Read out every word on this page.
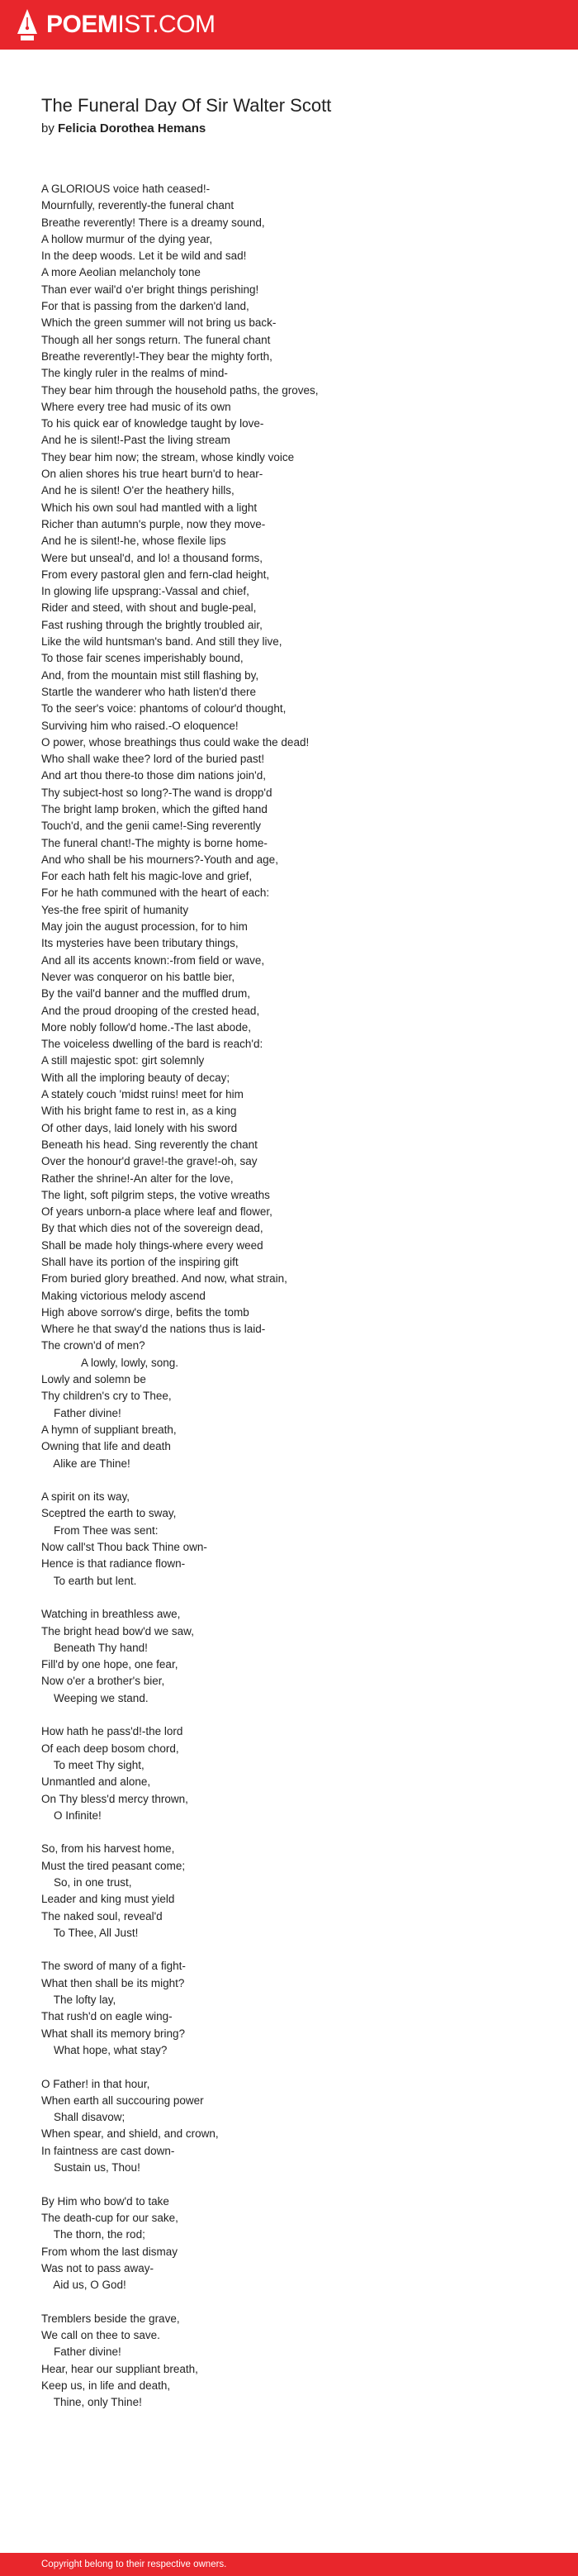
POEMIST.COM
The Funeral Day Of Sir Walter Scott

by Felicia Dorothea Hemans

A GLORIOUS voice hath ceased!-
Mournfully, reverently-the funeral chant
Breathe reverently! There is a dreamy sound,
A hollow murmur of the dying year,
In the deep woods. Let it be wild and sad!
A more Aeolian melancholy tone
Than ever wail'd o'er bright things perishing!
For that is passing from the darken'd land,
Which the green summer will not bring us back-
Though all her songs return. The funeral chant
Breathe reverently!-They bear the mighty forth,
The kingly ruler in the realms of mind-
They bear him through the household paths, the groves,
Where every tree had music of its own
To his quick ear of knowledge taught by love-
And he is silent!-Past the living stream
They bear him now; the stream, whose kindly voice
On alien shores his true heart burn'd to hear-
And he is silent! O'er the heathery hills,
Which his own soul had mantled with a light
Richer than autumn's purple, now they move-
And he is silent!-he, whose flexile lips
Were but unseal'd, and lo! a thousand forms,
From every pastoral glen and fern-clad height,
In glowing life upsprang:-Vassal and chief,
Rider and steed, with shout and bugle-peal,
Fast rushing through the brightly troubled air,
Like the wild huntsman's band. And still they live,
To those fair scenes imperishably bound,
And, from the mountain mist still flashing by,
Startle the wanderer who hath listen'd there
To the seer's voice: phantoms of colour'd thought,
Surviving him who raised.-O eloquence!
O power, whose breathings thus could wake the dead!
Who shall wake thee? lord of the buried past!
And art thou there-to those dim nations join'd,
Thy subject-host so long?-The wand is dropp'd
The bright lamp broken, which the gifted hand
Touch'd, and the genii came!-Sing reverently
The funeral chant!-The mighty is borne home-
And who shall be his mourners?-Youth and age,
For each hath felt his magic-love and grief,
For he hath communed with the heart of each:
Yes-the free spirit of humanity
May join the august procession, for to him
Its mysteries have been tributary things,
And all its accents known:-from field or wave,
Never was conqueror on his battle bier,
By the vail'd banner and the muffled drum,
And the proud drooping of the crested head,
More nobly follow'd home.-The last abode,
The voiceless dwelling of the bard is reach'd:
A still majestic spot: girt solemnly
With all the imploring beauty of decay;
A stately couch 'midst ruins! meet for him
With his bright fame to rest in, as a king
Of other days, laid lonely with his sword
Beneath his head. Sing reverently the chant
Over the honour'd grave!-the grave!-oh, say
Rather the shrine!-An alter for the love,
The light, soft pilgrim steps, the votive wreaths
Of years unborn-a place where leaf and flower,
By that which dies not of the sovereign dead,
Shall be made holy things-where every weed
Shall have its portion of the inspiring gift
From buried glory breathed. And now, what strain,
Making victorious melody ascend
High above sorrow's dirge, befits the tomb
Where he that sway'd the nations thus is laid-
The crown'd of men?
A lowly, lowly, song.
Lowly and solemn be
Thy children's cry to Thee,
Father divine!
A hymn of suppliant breath,
Owning that life and death
Alike are Thine!
A spirit on its way,
Sceptred the earth to sway,
From Thee was sent:
Now call'st Thou back Thine own-
Hence is that radiance flown-
To earth but lent.
Watching in breathless awe,
The bright head bow'd we saw,
Beneath Thy hand!
Fill'd by one hope, one fear,
Now o'er a brother's bier,
Weeping we stand.
How hath he pass'd!-the lord
Of each deep bosom chord,
To meet Thy sight,
Unmantled and alone,
On Thy bless'd mercy thrown,
O Infinite!
So, from his harvest home,
Must the tired peasant come;
So, in one trust,
Leader and king must yield
The naked soul, reveal'd
To Thee, All Just!
The sword of many of a fight-
What then shall be its might?
The lofty lay,
That rush'd on eagle wing-
What shall its memory bring?
What hope, what stay?
O Father! in that hour,
When earth all succouring power
Shall disavow;
When spear, and shield, and crown,
In faintness are cast down-
Sustain us, Thou!
By Him who bow'd to take
The death-cup for our sake,
The thorn, the rod;
From whom the last dismay
Was not to pass away-
Aid us, O God!
Tremblers beside the grave,
We call on thee to save.
Father divine!
Hear, hear our suppliant breath,
Keep us, in life and death,
Thine, only Thine!
Copyright belong to their respective owners.
